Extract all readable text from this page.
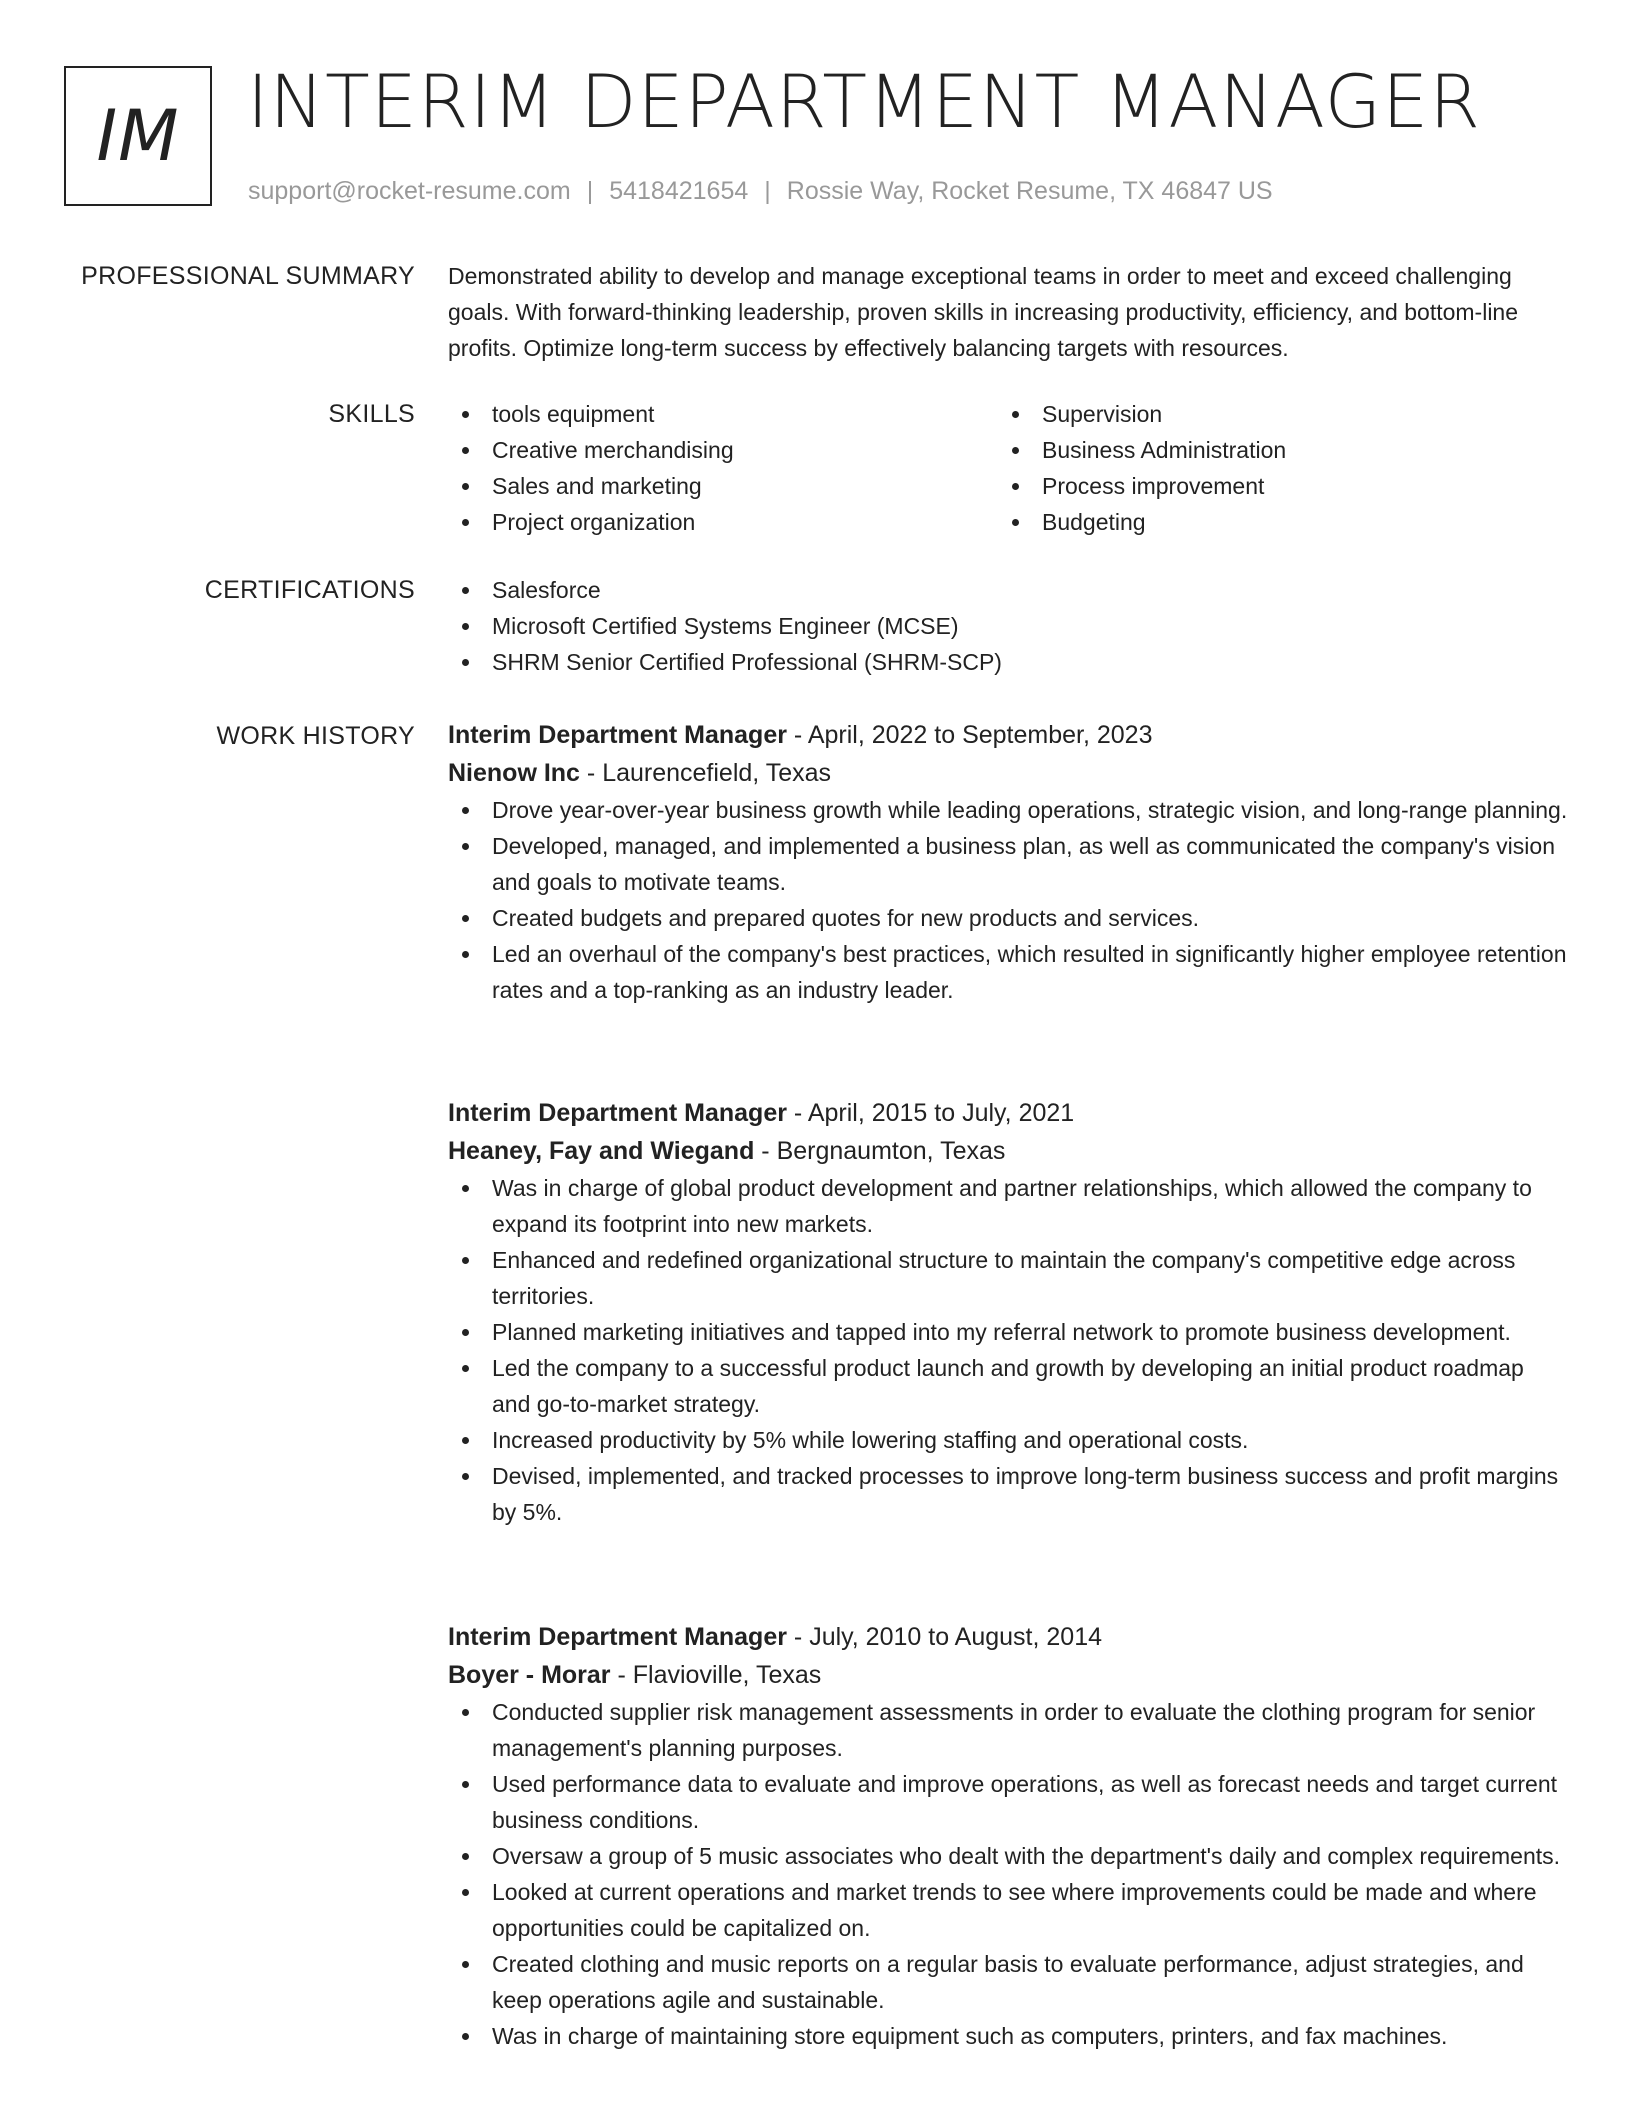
IM INTERIM DEPARTMENT MANAGER
support@rocket-resume.com | 5418421654 | Rossie Way, Rocket Resume, TX 46847 US
PROFESSIONAL SUMMARY Demonstrated ability to develop and manage exceptional teams in order to meet and exceed challenging goals. With forward-thinking leadership, proven skills in increasing productivity, efficiency, and bottom-line profits. Optimize long-term success by effectively balancing targets with resources.

SKILLS	tools equipment
Creative merchandising
Sales and marketing
Project organization
Supervision
Business Administration
Process improvement
Budgeting
CERTIFICATIONS	Salesforce
Microsoft Certified Systems Engineer (MCSE)
SHRM Senior Certified Professional (SHRM-SCP)
WORK HISTORY Interim Department Manager - April, 2022 to September, 2023
Nienow Inc - Laurencefield, Texas
Drove year-over-year business growth while leading operations, strategic vision, and long-range planning.
Developed, managed, and implemented a business plan, as well as communicated the company's vision and goals to motivate teams.
Created budgets and prepared quotes for new products and services.
Led an overhaul of the company's best practices, which resulted in significantly higher employee retention rates and a top-ranking as an industry leader.
Interim Department Manager - April, 2015 to July, 2021
Heaney, Fay and Wiegand - Bergnaumton, Texas
Was in charge of global product development and partner relationships, which allowed the company to expand its footprint into new markets.
Enhanced and redefined organizational structure to maintain the company's competitive edge across territories.
Planned marketing initiatives and tapped into my referral network to promote business development.
Led the company to a successful product launch and growth by developing an initial product roadmap and go-to-market strategy.
Increased productivity by 5% while lowering staffing and operational costs.
Devised, implemented, and tracked processes to improve long-term business success and profit margins by 5%.
Interim Department Manager - July, 2010 to August, 2014
Boyer - Morar - Flavioville, Texas
Conducted supplier risk management assessments in order to evaluate the clothing program for senior management's planning purposes.
Used performance data to evaluate and improve operations, as well as forecast needs and target current business conditions.
Oversaw a group of 5 music associates who dealt with the department's daily and complex requirements.
Looked at current operations and market trends to see where improvements could be made and where opportunities could be capitalized on.
Created clothing and music reports on a regular basis to evaluate performance, adjust strategies, and keep operations agile and sustainable.
Was in charge of maintaining store equipment such as computers, printers, and fax machines.
